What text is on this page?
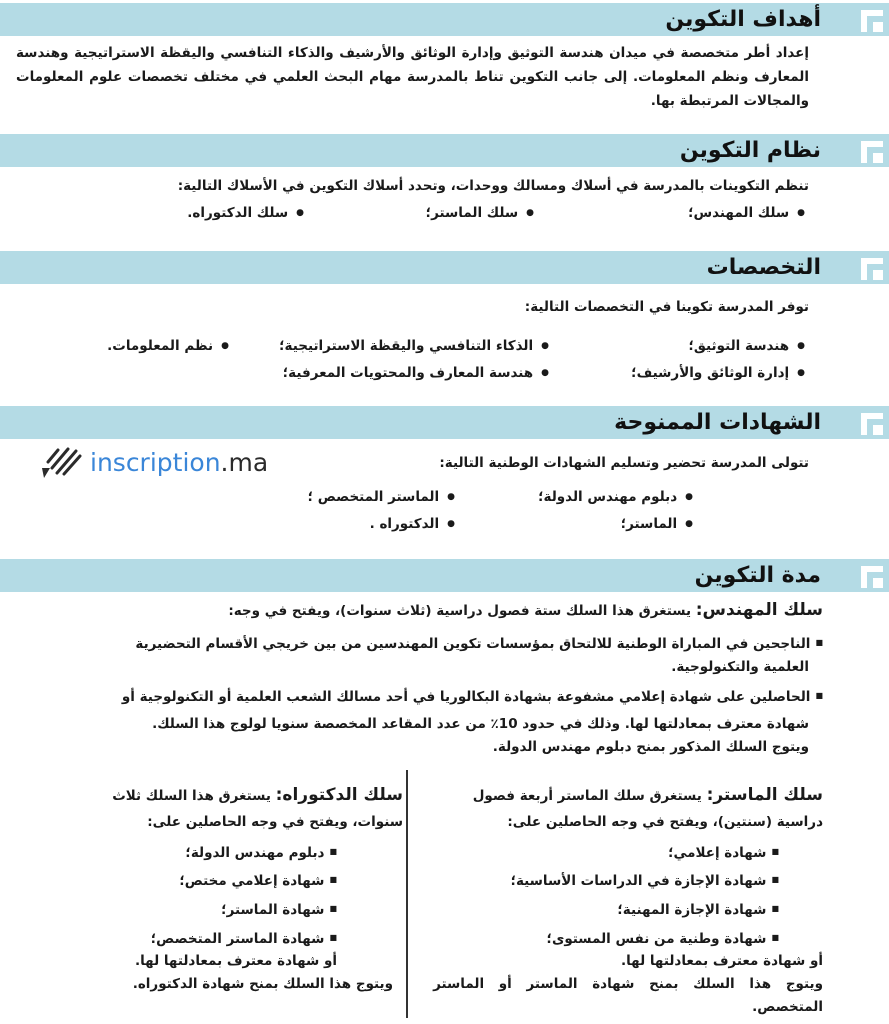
أهداف التكوين
إعداد أطر متخصصة في ميدان هندسة التوثيق وإدارة الوثائق والأرشيف والذكاء التنافسي واليقظة الاستراتيجية وهندسة المعارف ونظم المعلومات. إلى جانب التكوين تناط بالمدرسة مهام البحث العلمي في مختلف تخصصات علوم المعلومات والمجالات المرتبطة بها.
نظام التكوين
تنظم التكوينات بالمدرسة في أسلاك ومسالك ووحدات، وتحدد أسلاك التكوين في الأسلاك التالية:
● سلك المهندس؛
● سلك الماستر؛
● سلك الدكتوراه.
التخصصات
توفر المدرسة تكوينا في التخصصات التالية:
● هندسة التوثيق؛
● الذكاء التنافسي واليقظة الاستراتيجية؛
● نظم المعلومات.
● إدارة الوثائق والأرشيف؛
● هندسة المعارف والمحتويات المعرفية؛
الشهادات الممنوحة
تتولى المدرسة تحضير وتسليم الشهادات الوطنية التالية:
● دبلوم مهندس الدولة؛
● الماستر المتخصص ؛
● الماستر؛
● الدكتوراه .
inscription.ma
مدة التكوين
سلك المهندس: يستغرق هذا السلك ستة فصول دراسية (ثلاث سنوات)، ويفتح في وجه:
■ الناجحين في المباراة الوطنية للالتحاق بمؤسسات تكوين المهندسين من بين خريجي الأقسام التحضيرية
العلمية والتكنولوجية.
■ الحاصلين على شهادة إعلامي مشفوعة بشهادة البكالوريا في أحد مسالك الشعب العلمية أو التكنولوجية أو
شهادة معترف بمعادلتها لها. وذلك في حدود 10٪ من عدد المقاعد المخصصة سنويا لولوج هذا السلك.
ويتوج السلك المذكور بمنح دبلوم مهندس الدولة.
سلك الماستر: يستغرق سلك الماستر أربعة فصول
دراسية (سنتين)، ويفتح في وجه الحاصلين على:
■ شهادة إعلامي؛
■ شهادة الإجازة في الدراسات الأساسية؛
■ شهادة الإجازة المهنية؛
■ شهادة وطنية من نفس المستوى؛
أو شهادة معترف بمعادلتها لها.
ويتوج هذا السلك بمنح شهادة الماستر أو الماستر
المتخصص.
سلك الدكتوراه: يستغرق هذا السلك ثلاث
سنوات، ويفتح في وجه الحاصلين على:
■ دبلوم مهندس الدولة؛
■ شهادة إعلامي مختص؛
■ شهادة الماستر؛
■ شهادة الماستر المتخصص؛
أو شهادة معترف بمعادلتها لها.
ويتوج هذا السلك بمنح شهادة الدكتوراه.
